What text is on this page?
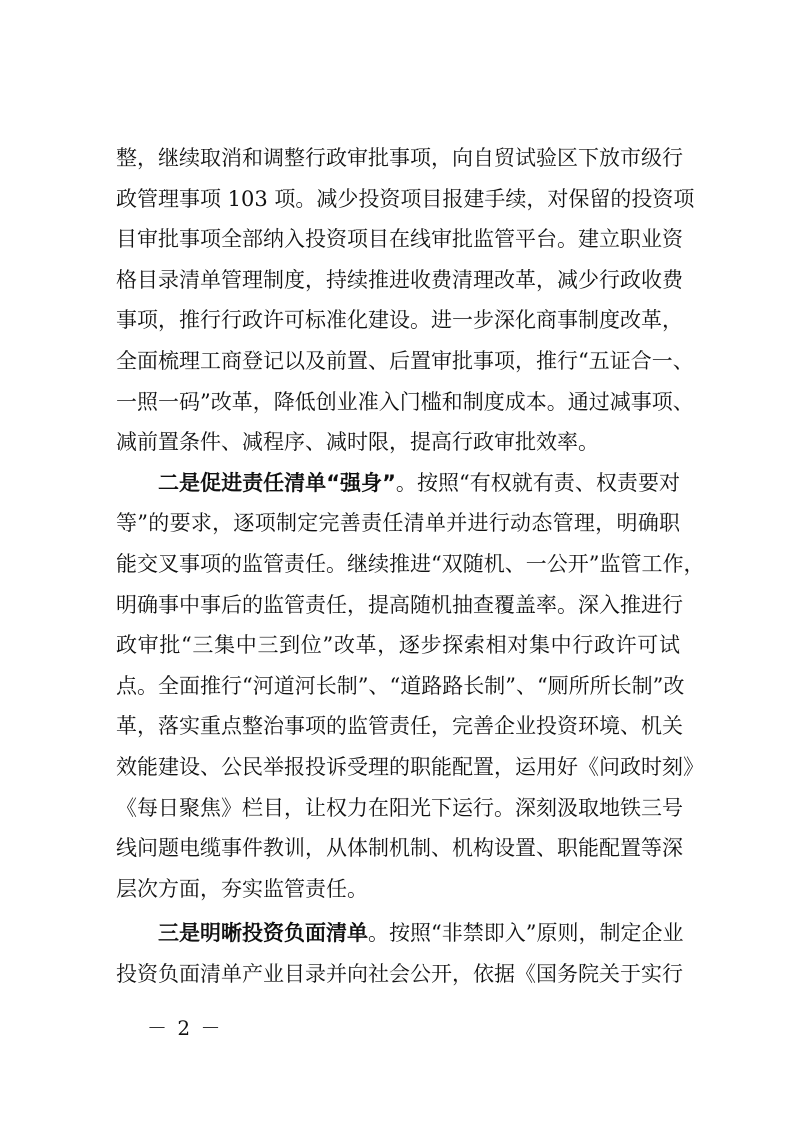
整，继续取消和调整行政审批事项，向自贸试验区下放市级行
政管理事项 103 项。减少投资项目报建手续，对保留的投资项
目审批事项全部纳入投资项目在线审批监管平台。建立职业资
格目录清单管理制度，持续推进收费清理改革，减少行政收费
事项，推行行政许可标准化建设。进一步深化商事制度改革，
全面梳理工商登记以及前置、后置审批事项，推行“五证合一、
一照一码”改革，降低创业准入门槛和制度成本。通过减事项、
减前置条件、减程序、减时限，提高行政审批效率。
二是促进责任清单“强身”。按照“有权就有责、权责要对
等”的要求，逐项制定完善责任清单并进行动态管理，明确职
能交叉事项的监管责任。继续推进“双随机、一公开”监管工作，
明确事中事后的监管责任，提高随机抽查覆盖率。深入推进行
政审批“三集中三到位”改革，逐步探索相对集中行政许可试
点。全面推行“河道河长制”、“道路路长制”、“厕所所长制”改
革，落实重点整治事项的监管责任，完善企业投资环境、机关
效能建设、公民举报投诉受理的职能配置，运用好《问政时刻》
《每日聚焦》栏目，让权力在阳光下运行。深刻汲取地铁三号
线问题电缆事件教训，从体制机制、机构设置、职能配置等深
层次方面，夯实监管责任。
三是明晰投资负面清单。按照“非禁即入”原则，制定企业
投资负面清单产业目录并向社会公开，依据《国务院关于实行
－ 2 －
